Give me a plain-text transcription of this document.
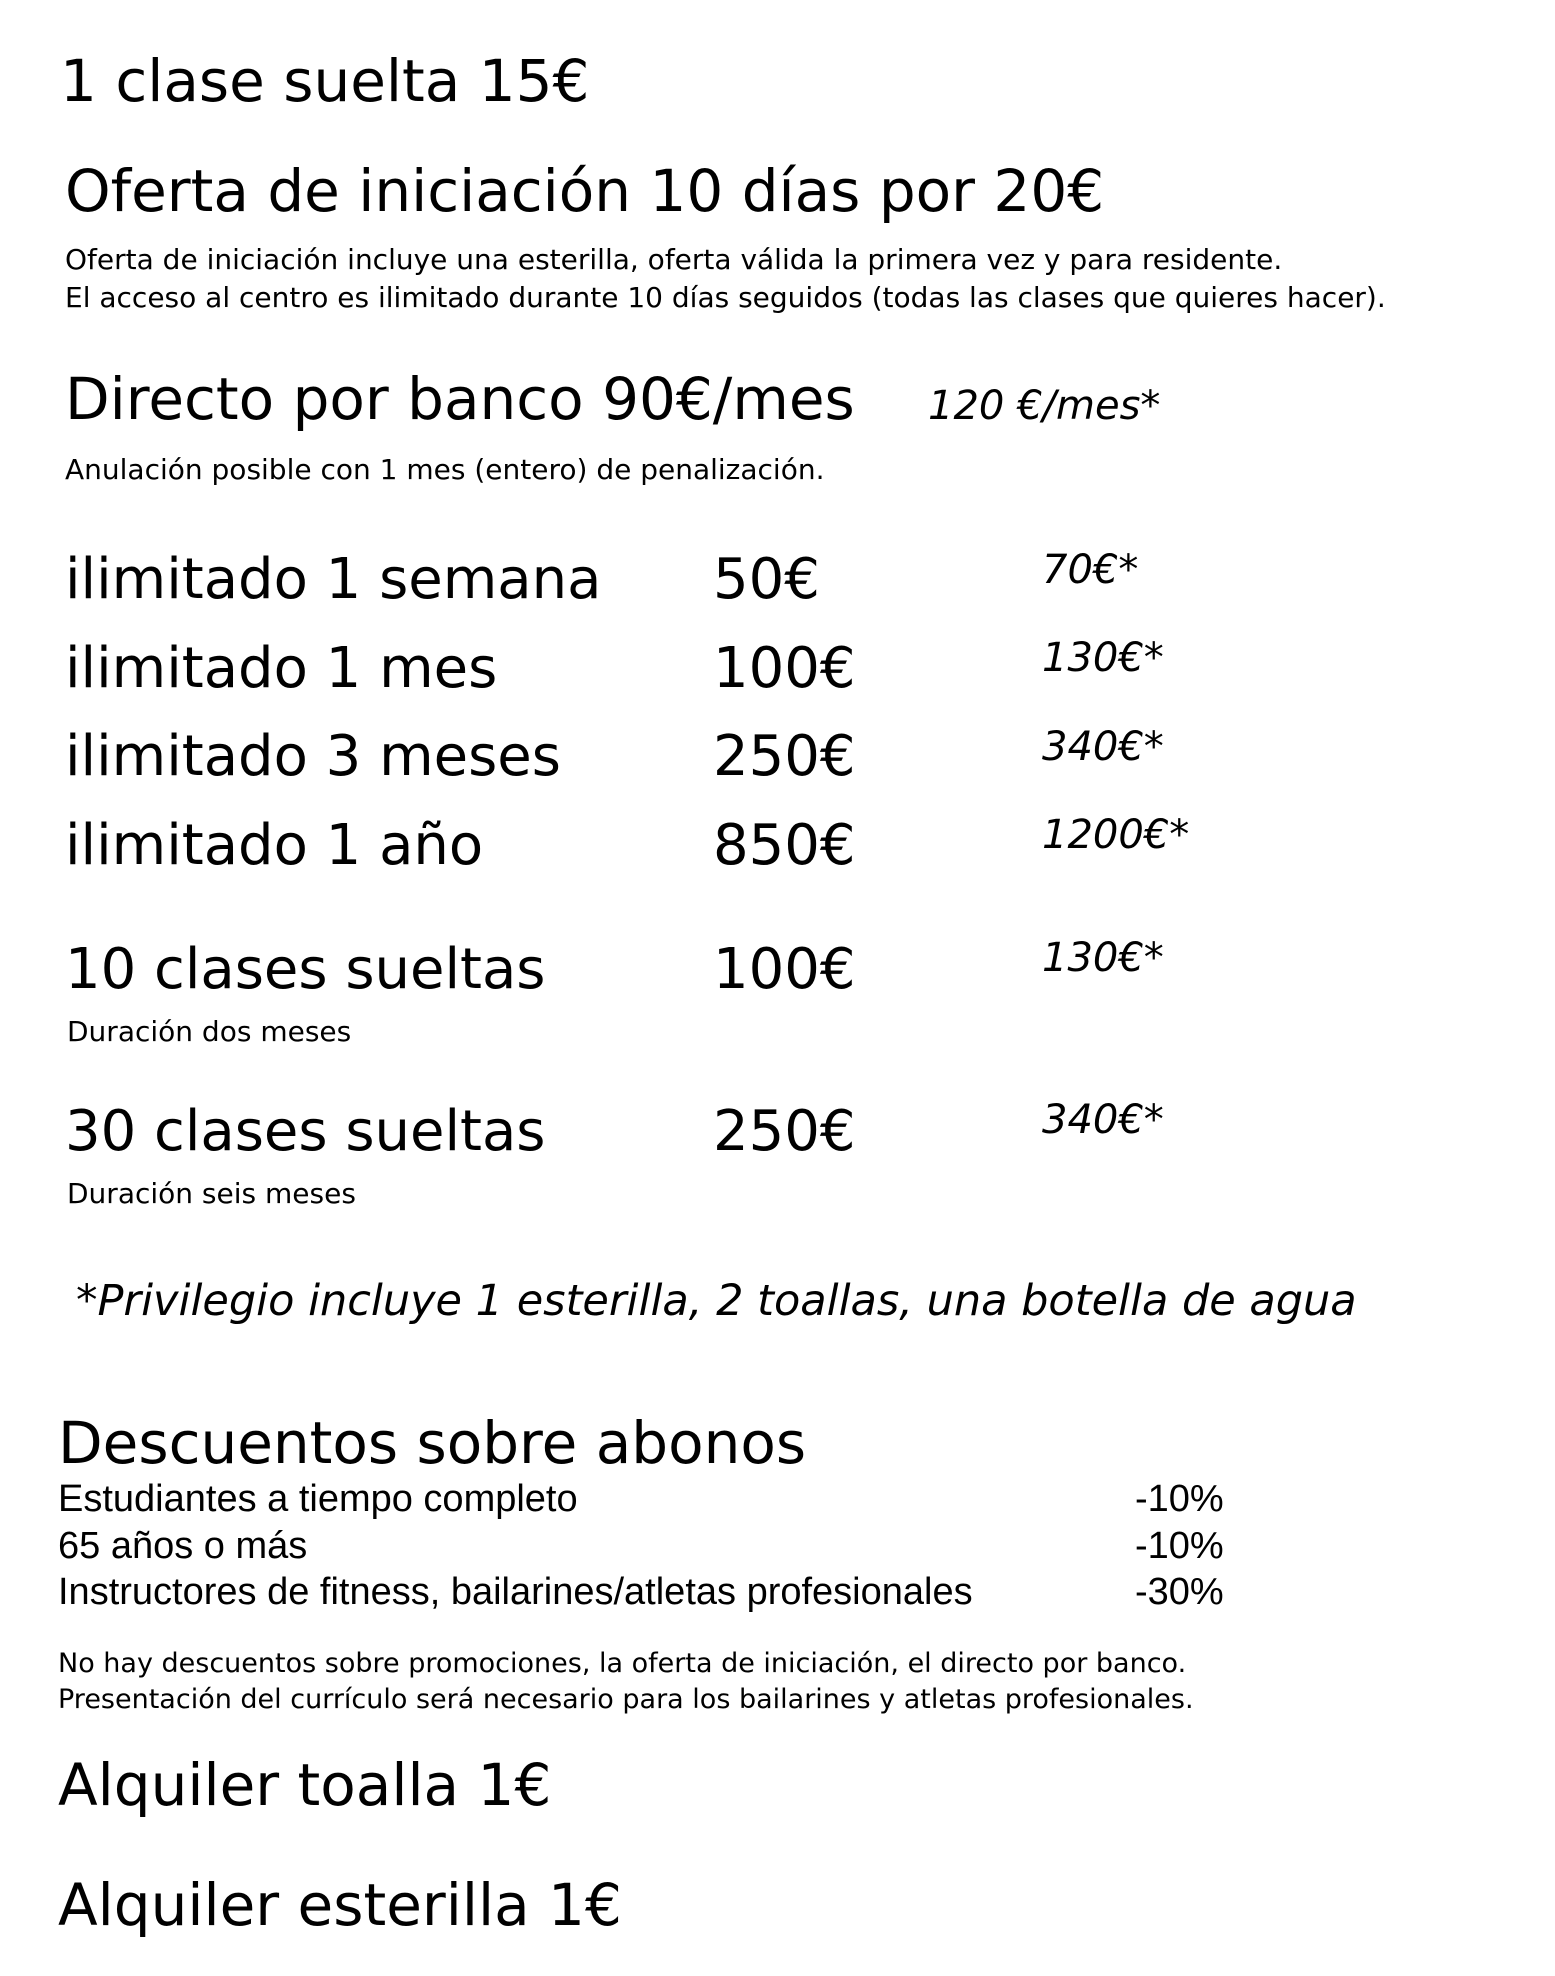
1 clase suelta 15€
Oferta de iniciación 10 días por 20€
Oferta de iniciación incluye una esterilla, oferta válida la primera vez y para residente.
El acceso al centro es ilimitado durante 10 días seguidos (todas las clases que quieres hacer).
Directo por banco 90€/mes 120 €/mes*
Anulación posible con 1 mes (entero) de penalización.
ilimitado 1 semana 50€	70€*
ilimitado 1 mes	100€	130€*
ilimitado 3 meses	250€	340€*
ilimitado 1 año	850€	1200€*
10 clases sueltas	100€	130€*
Duración dos meses
30 clases sueltas	250€	340€*
Duración seis meses
*Privilegio incluye 1 esterilla, 2 toallas, una botella de agua
Descuentos sobre abonos
Estudiantes a tiempo completo	-10%
65 años o más	-10%
Instructores de fitness, bailarines/atletas profesionales	-30%
No hay descuentos sobre promociones, la oferta de iniciación, el directo por banco.
Presentación del currículo será necesario para los bailarines y atletas profesionales.
Alquiler toalla 1€
Alquiler esterilla 1€
